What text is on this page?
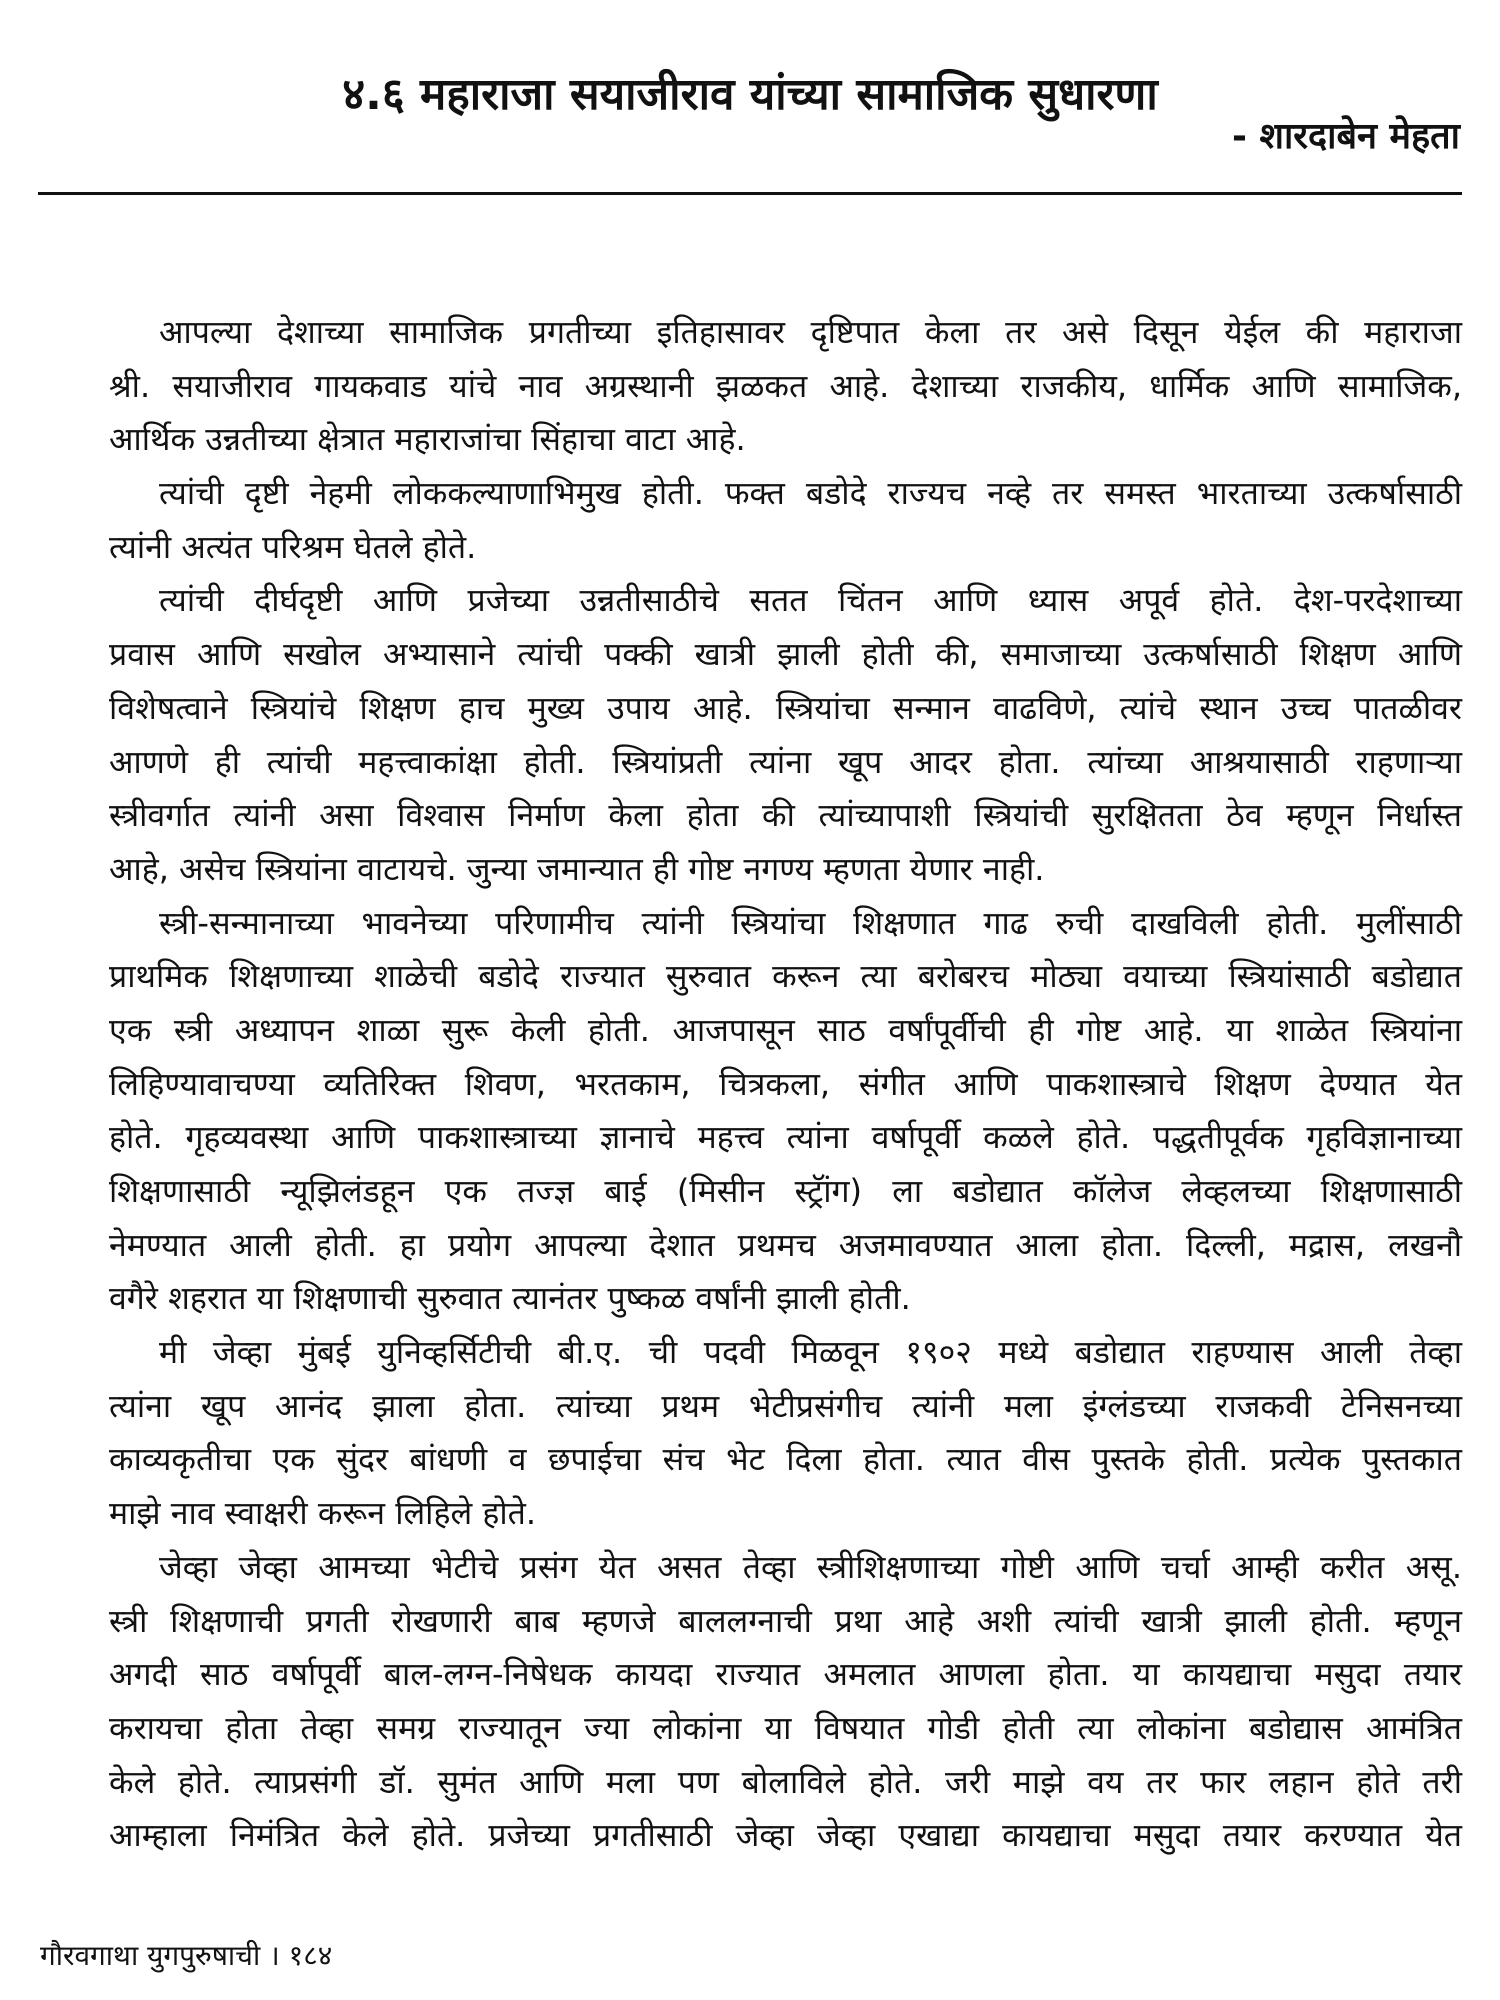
४.६ महाराजा सयाजीराव यांच्या सामाजिक सुधारणा
- शारदाबेन मेहता
आपल्या देशाच्या सामाजिक प्रगतीच्या इतिहासावर दृष्टिपात केला तर असे दिसून येईल की महाराजा
श्री. सयाजीराव गायकवाड यांचे नाव अग्रस्थानी झळकत आहे. देशाच्या राजकीय, धार्मिक आणि सामाजिक,
आर्थिक उन्नतीच्या क्षेत्रात महाराजांचा सिंहाचा वाटा आहे.
त्यांची दृष्टी नेहमी लोककल्याणाभिमुख होती. फक्त बडोदे राज्यच नव्हे तर समस्त भारताच्या उत्कर्षासाठी
त्यांनी अत्यंत परिश्रम घेतले होते.
त्यांची दीर्घदृष्टी आणि प्रजेच्या उन्नतीसाठीचे सतत चिंतन आणि ध्यास अपूर्व होते. देश-परदेशाच्या
प्रवास आणि सखोल अभ्यासाने त्यांची पक्की खात्री झाली होती की, समाजाच्या उत्कर्षासाठी शिक्षण आणि
विशेषत्वाने स्त्रियांचे शिक्षण हाच मुख्य उपाय आहे. स्त्रियांचा सन्मान वाढविणे, त्यांचे स्थान उच्च पातळीवर
आणणे ही त्यांची महत्त्वाकांक्षा होती. स्त्रियांप्रती त्यांना खूप आदर होता. त्यांच्या आश्रयासाठी राहणाऱ्या
स्त्रीवर्गात त्यांनी असा विश्वास निर्माण केला होता की त्यांच्यापाशी स्त्रियांची सुरक्षितता ठेव म्हणून निर्धास्त
आहे, असेच स्त्रियांना वाटायचे. जुन्या जमान्यात ही गोष्ट नगण्य म्हणता येणार नाही.
स्त्री-सन्मानाच्या भावनेच्या परिणामीच त्यांनी स्त्रियांचा शिक्षणात गाढ रुची दाखविली होती. मुलींसाठी
प्राथमिक शिक्षणाच्या शाळेची बडोदे राज्यात सुरुवात करून त्या बरोबरच मोठ्या वयाच्या स्त्रियांसाठी बडोद्यात
एक स्त्री अध्यापन शाळा सुरू केली होती. आजपासून साठ वर्षांपूर्वीची ही गोष्ट आहे. या शाळेत स्त्रियांना
लिहिण्यावाचण्या व्यतिरिक्त शिवण, भरतकाम, चित्रकला, संगीत आणि पाकशास्त्राचे शिक्षण देण्यात येत
होते. गृहव्यवस्था आणि पाकशास्त्राच्या ज्ञानाचे महत्त्व त्यांना वर्षापूर्वी कळले होते. पद्धतीपूर्वक गृहविज्ञानाच्या
शिक्षणासाठी न्यूझिलंडहून एक तज्ज्ञ बाई (मिसीन स्ट्रॅांग) ला बडोद्यात कॉलेज लेव्हलच्या शिक्षणासाठी
नेमण्यात आली होती. हा प्रयोग आपल्या देशात प्रथमच अजमावण्यात आला होता. दिल्ली, मद्रास, लखनौ
वगैरे शहरात या शिक्षणाची सुरुवात त्यानंतर पुष्कळ वर्षांनी झाली होती.
मी जेव्हा मुंबई युनिव्हर्सिटीची बी.ए. ची पदवी मिळवून १९०२ मध्ये बडोद्यात राहण्यास आली तेव्हा
त्यांना खूप आनंद झाला होता. त्यांच्या प्रथम भेटीप्रसंगीच त्यांनी मला इंग्लंडच्या राजकवी टेनिसनच्या
काव्यकृतीचा एक सुंदर बांधणी व छपाईचा संच भेट दिला होता. त्यात वीस पुस्तके होती. प्रत्येक पुस्तकात
माझे नाव स्वाक्षरी करून लिहिले होते.
जेव्हा जेव्हा आमच्या भेटीचे प्रसंग येत असत तेव्हा स्त्रीशिक्षणाच्या गोष्टी आणि चर्चा आम्ही करीत असू.
स्त्री शिक्षणाची प्रगती रोखणारी बाब म्हणजे बाललग्नाची प्रथा आहे अशी त्यांची खात्री झाली होती. म्हणून
अगदी साठ वर्षापूर्वी बाल-लग्न-निषेधक कायदा राज्यात अमलात आणला होता. या कायद्याचा मसुदा तयार
करायचा होता तेव्हा समग्र राज्यातून ज्या लोकांना या विषयात गोडी होती त्या लोकांना बडोद्यास आमंत्रित
केले होते. त्याप्रसंगी डॉ. सुमंत आणि मला पण बोलाविले होते. जरी माझे वय तर फार लहान होते तरी
आम्हाला निमंत्रित केले होते. प्रजेच्या प्रगतीसाठी जेव्हा जेव्हा एखाद्या कायद्याचा मसुदा तयार करण्यात येत
गौरवगाथा युगपुरुषाची । १८४
